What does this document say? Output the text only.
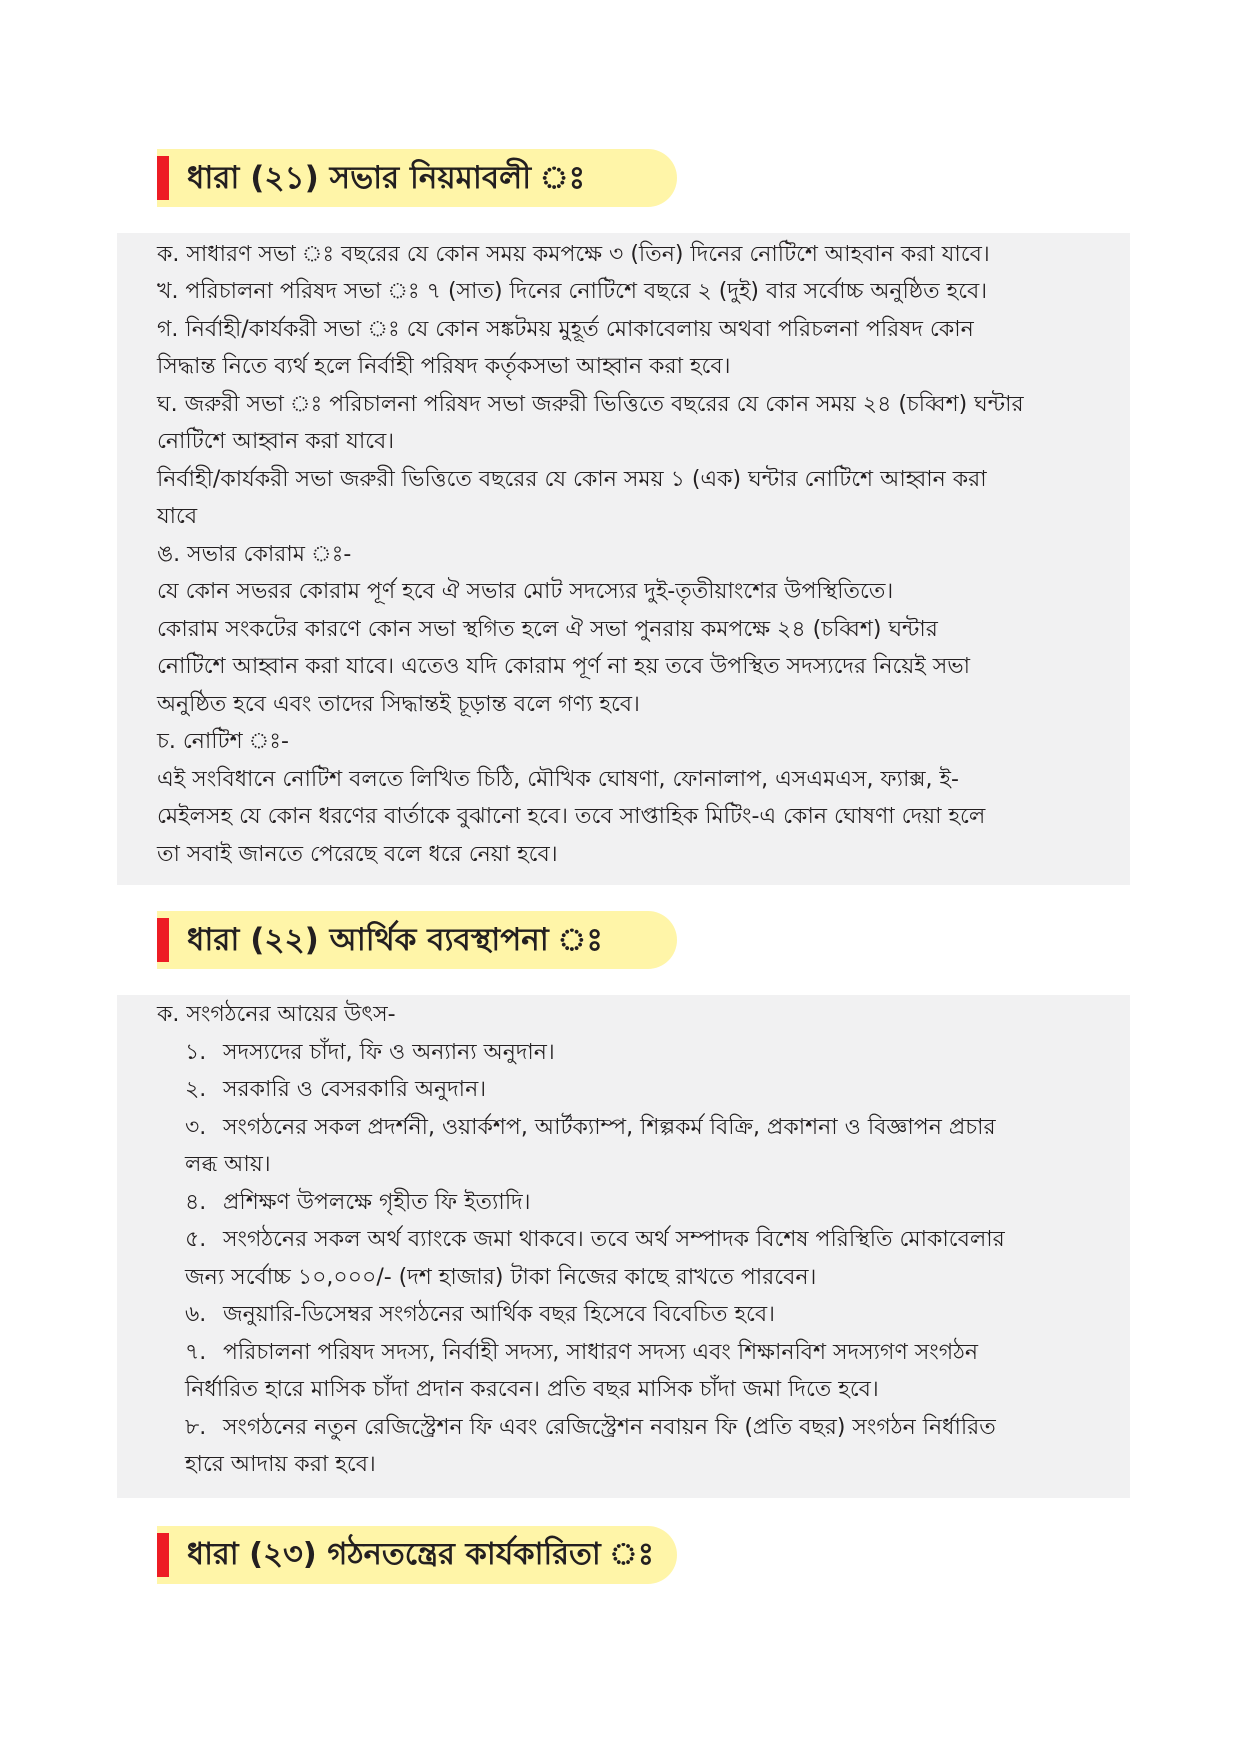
ধারা (২১) সভার নিয়মাবলী ঃ
ক. সাধারণ সভা ঃ বছরের যে কোন সময় কমপক্ষে ৩ (তিন) দিনের নোটিশে আহবান করা যাবে।
খ. পরিচালনা পরিষদ সভা ঃ ৭ (সাত) দিনের নোটিশে বছরে ২ (দুই) বার সর্বোচ্চ অনুষ্ঠিত হবে।
গ. নির্বাহী/কার্যকরী সভা ঃ যে কোন সঙ্কটময় মুহূর্ত মোকাবেলায় অথবা পরিচলনা পরিষদ কোন
সিদ্ধান্ত নিতে ব্যর্থ হলে নির্বাহী পরিষদ কর্তৃকসভা আহ্বান করা হবে।
ঘ. জরুরী সভা ঃ পরিচালনা পরিষদ সভা জরুরী ভিত্তিতে বছরের যে কোন সময় ২৪ (চব্বিশ) ঘন্টার
নোটিশে আহ্বান করা যাবে।
নির্বাহী/কার্যকরী সভা জরুরী ভিত্তিতে বছরের যে কোন সময় ১ (এক) ঘন্টার নোটিশে আহ্বান করা
যাবে
ঙ. সভার কোরাম ঃ-
যে কোন সভরর কোরাম পূর্ণ হবে ঐ সভার মোট সদস্যের দুই-তৃতীয়াংশের উপস্থিতিতে।
কোরাম সংকটের কারণে কোন সভা স্থগিত হলে ঐ সভা পুনরায় কমপক্ষে ২৪ (চব্বিশ) ঘন্টার
নোটিশে আহ্বান করা যাবে। এতেও যদি কোরাম পূর্ণ না হয় তবে উপস্থিত সদস্যদের নিয়েই সভা
অনুষ্ঠিত হবে এবং তাদের সিদ্ধান্তই চূড়ান্ত বলে গণ্য হবে।
চ. নোটিশ ঃ-
এই সংবিধানে নোটিশ বলতে লিখিত চিঠি, মৌখিক ঘোষণা, ফোনালাপ, এসএমএস, ফ্যাক্স, ই-
মেইলসহ যে কোন ধরণের বার্তাকে বুঝানো হবে। তবে সাপ্তাহিক মিটিং-এ কোন ঘোষণা দেয়া হলে
তা সবাই জানতে পেরেছে বলে ধরে নেয়া হবে।
ধারা (২২) আর্থিক ব্যবস্থাপনা ঃ
ক. সংগঠনের আয়ের উৎস-
১. সদস্যদের চাঁদা, ফি ও অন্যান্য অনুদান।
২. সরকারি ও বেসরকারি অনুদান।
৩. সংগঠনের সকল প্রদর্শনী, ওয়ার্কশপ, আর্টক্যাম্প, শিল্পকর্ম বিক্রি, প্রকাশনা ও বিজ্ঞাপন প্রচার
লব্ধ আয়।
৪. প্রশিক্ষণ উপলক্ষে গৃহীত ফি ইত্যাদি।
৫. সংগঠনের সকল অর্থ ব্যাংকে জমা থাকবে। তবে অর্থ সম্পাদক বিশেষ পরিস্থিতি মোকাবেলার
জন্য সর্বোচ্চ ১০,০০০/- (দশ হাজার) টাকা নিজের কাছে রাখতে পারবেন।
৬. জনুয়ারি-ডিসেম্বর সংগঠনের আর্থিক বছর হিসেবে বিবেচিত হবে।
৭. পরিচালনা পরিষদ সদস্য, নির্বাহী সদস্য, সাধারণ সদস্য এবং শিক্ষানবিশ সদস্যগণ সংগঠন
নির্ধারিত হারে মাসিক চাঁদা প্রদান করবেন। প্রতি বছর মাসিক চাঁদা জমা দিতে হবে।
৮. সংগঠনের নতুন রেজিস্ট্রেশন ফি এবং রেজিস্ট্রেশন নবায়ন ফি (প্রতি বছর) সংগঠন নির্ধারিত
হারে আদায় করা হবে।
ধারা (২৩) গঠনতন্ত্রের কার্যকারিতা ঃ
